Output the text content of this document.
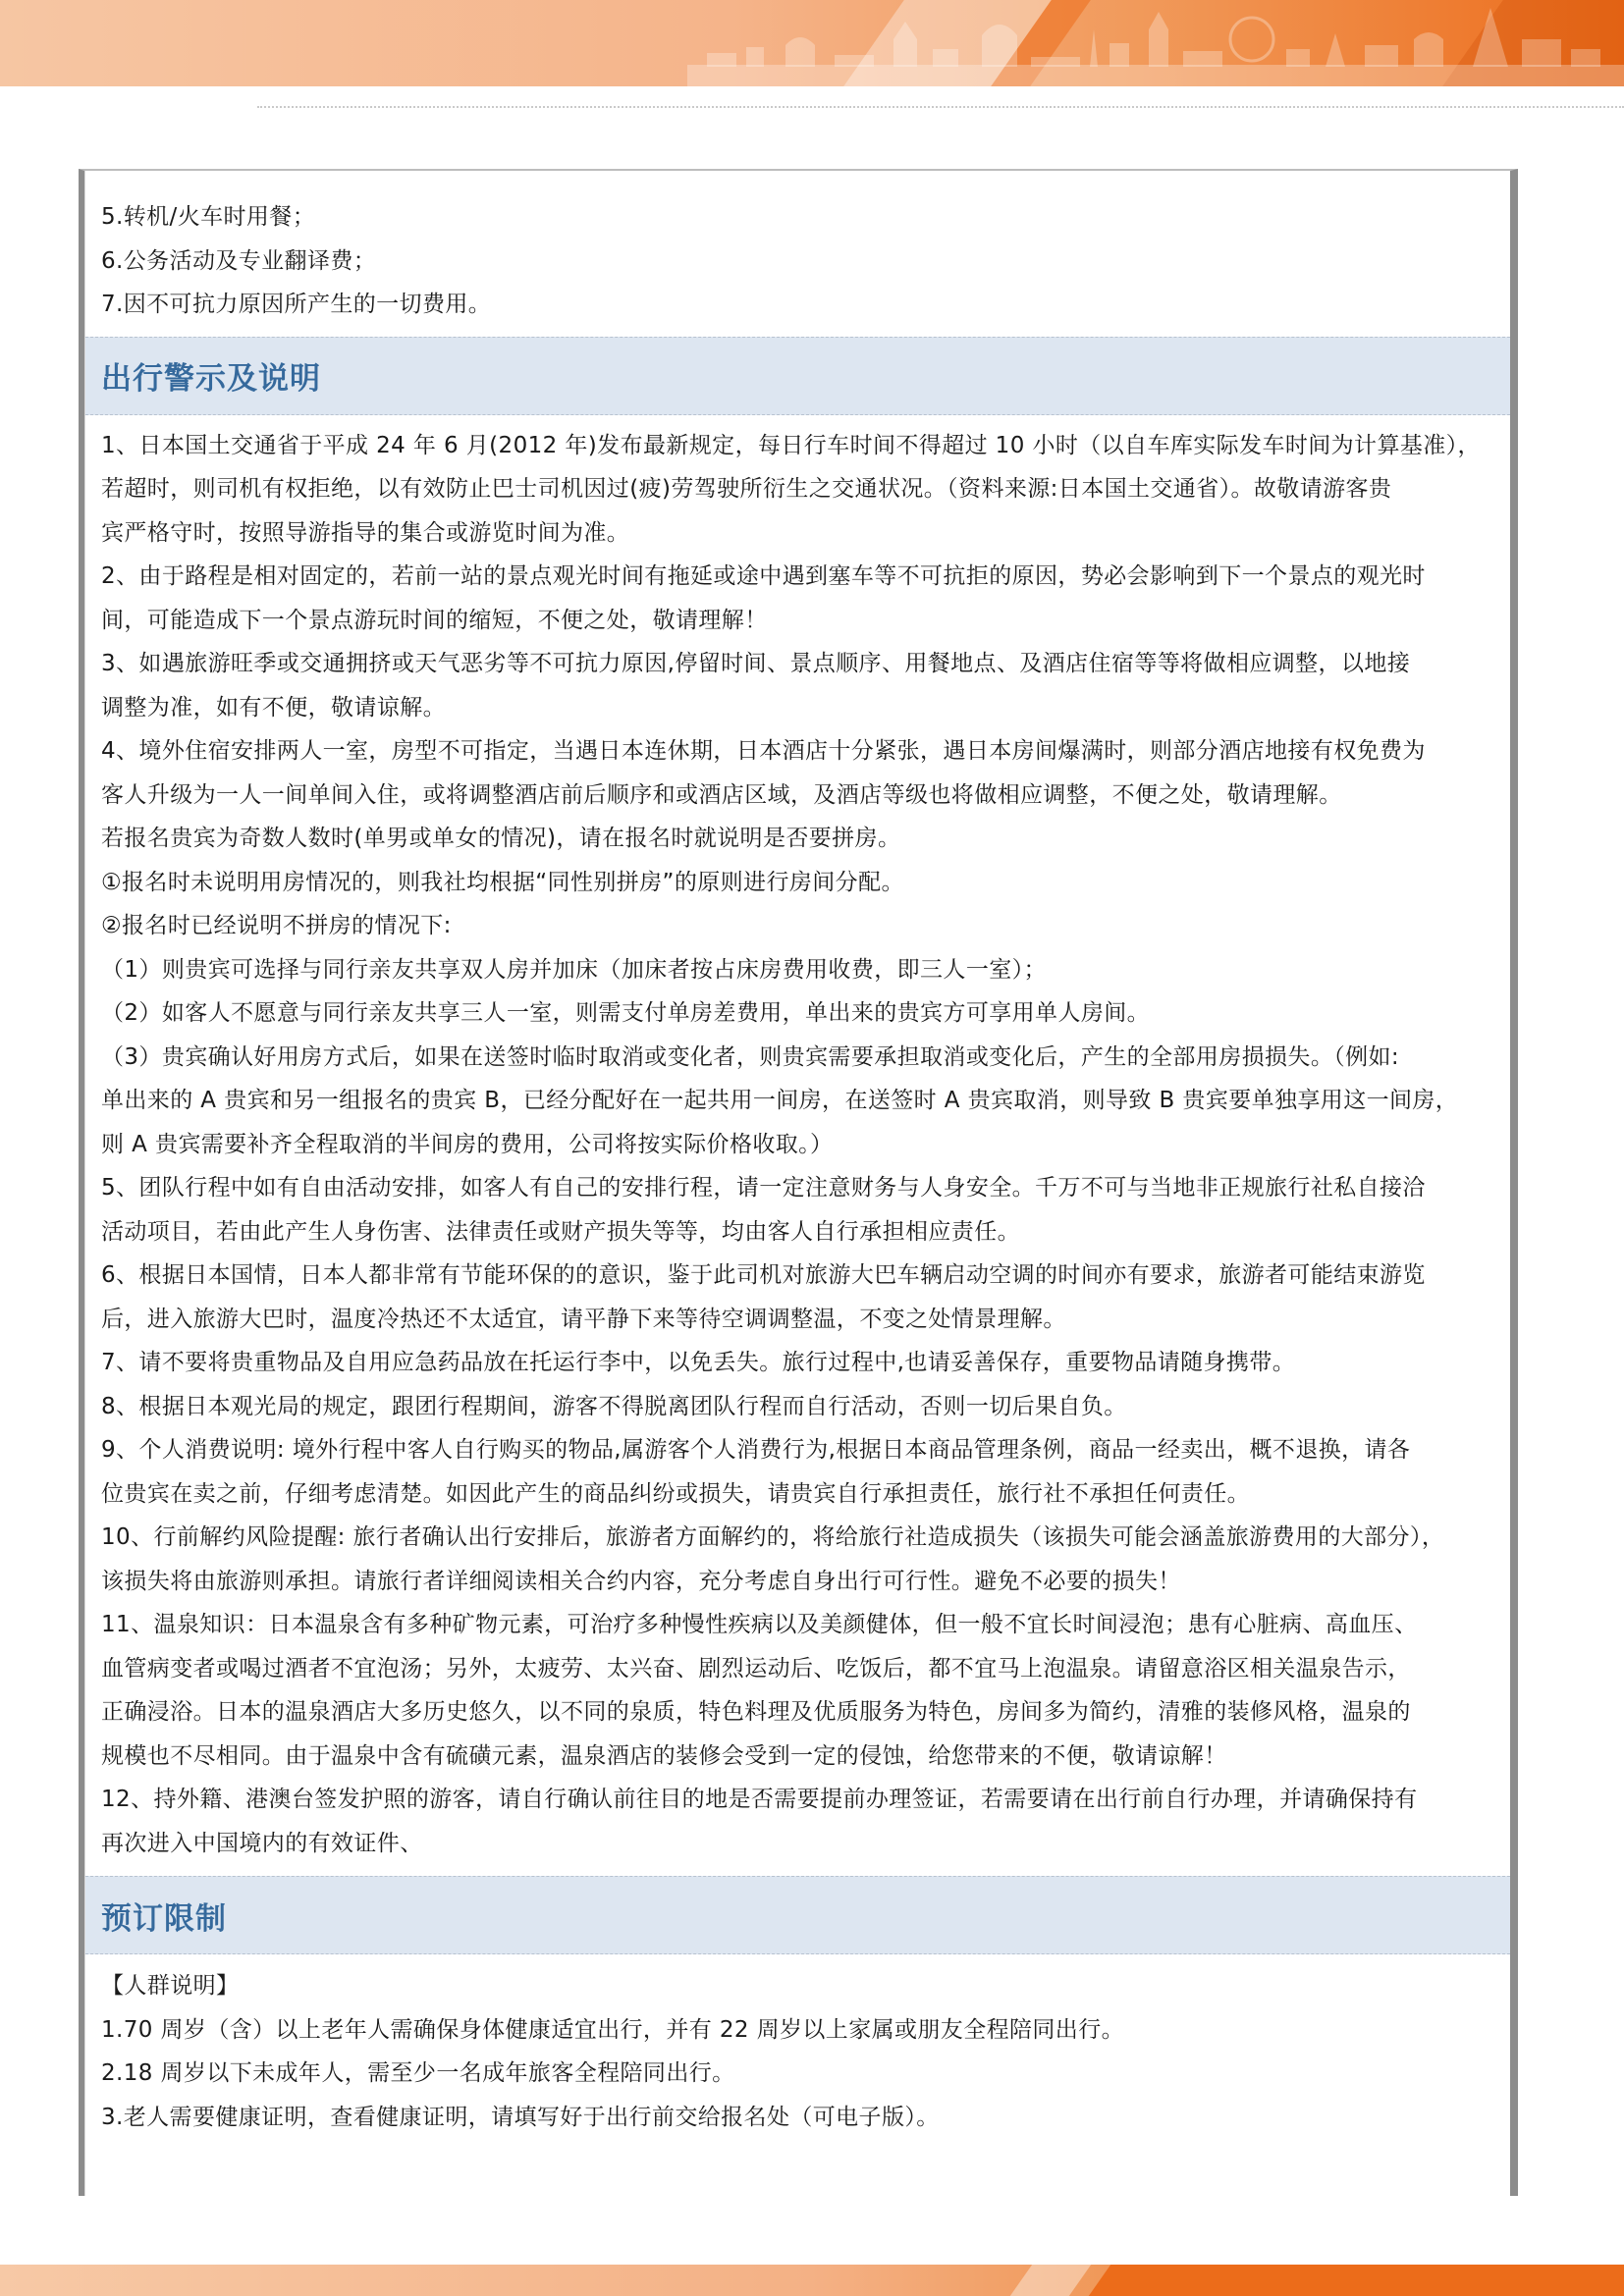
5.转机/火车时用餐；
6.公务活动及专业翻译费；
7.因不可抗力原因所产生的一切费用。
出行警示及说明
1、日本国土交通省于平成 24 年 6 月(2012 年)发布最新规定，每日行车时间不得超过 10 小时（以自车库实际发车时间为计算基准），
若超时，则司机有权拒绝，以有效防止巴士司机因过(疲)劳驾驶所衍生之交通状况。（资料来源:日本国土交通省）。故敬请游客贵
宾严格守时，按照导游指导的集合或游览时间为准。
2、由于路程是相对固定的，若前一站的景点观光时间有拖延或途中遇到塞车等不可抗拒的原因，势必会影响到下一个景点的观光时
间，可能造成下一个景点游玩时间的缩短，不便之处，敬请理解！
3、如遇旅游旺季或交通拥挤或天气恶劣等不可抗力原因,停留时间、景点顺序、用餐地点、及酒店住宿等等将做相应调整，以地接
调整为准，如有不便，敬请谅解。
4、境外住宿安排两人一室，房型不可指定，当遇日本连休期，日本酒店十分紧张，遇日本房间爆满时，则部分酒店地接有权免费为
客人升级为一人一间单间入住，或将调整酒店前后顺序和或酒店区域，及酒店等级也将做相应调整，不便之处，敬请理解。
若报名贵宾为奇数人数时(单男或单女的情况)，请在报名时就说明是否要拼房。
①报名时未说明用房情况的，则我社均根据“同性别拼房”的原则进行房间分配。
②报名时已经说明不拼房的情况下:
（1）则贵宾可选择与同行亲友共享双人房并加床（加床者按占床房费用收费，即三人一室）；
（2）如客人不愿意与同行亲友共享三人一室，则需支付单房差费用，单出来的贵宾方可享用单人房间。
（3）贵宾确认好用房方式后，如果在送签时临时取消或变化者，则贵宾需要承担取消或变化后，产生的全部用房损损失。（例如:
单出来的 A 贵宾和另一组报名的贵宾 B，已经分配好在一起共用一间房，在送签时 A 贵宾取消，则导致 B 贵宾要单独享用这一间房，
则 A 贵宾需要补齐全程取消的半间房的费用，公司将按实际价格收取。）
5、团队行程中如有自由活动安排，如客人有自己的安排行程，请一定注意财务与人身安全。千万不可与当地非正规旅行社私自接洽
活动项目，若由此产生人身伤害、法律责任或财产损失等等，均由客人自行承担相应责任。
6、根据日本国情，日本人都非常有节能环保的的意识，鉴于此司机对旅游大巴车辆启动空调的时间亦有要求，旅游者可能结束游览
后，进入旅游大巴时，温度冷热还不太适宜，请平静下来等待空调调整温，不变之处情景理解。
7、请不要将贵重物品及自用应急药品放在托运行李中，以免丢失。旅行过程中,也请妥善保存，重要物品请随身携带。
8、根据日本观光局的规定，跟团行程期间，游客不得脱离团队行程而自行活动，否则一切后果自负。
9、个人消费说明: 境外行程中客人自行购买的物品,属游客个人消费行为,根据日本商品管理条例，商品一经卖出，概不退换，请各
位贵宾在卖之前，仔细考虑清楚。如因此产生的商品纠纷或损失，请贵宾自行承担责任，旅行社不承担任何责任。
10、行前解约风险提醒: 旅行者确认出行安排后，旅游者方面解约的，将给旅行社造成损失（该损失可能会涵盖旅游费用的大部分），
该损失将由旅游则承担。请旅行者详细阅读相关合约内容，充分考虑自身出行可行性。避免不必要的损失！
11、温泉知识：日本温泉含有多种矿物元素，可治疗多种慢性疾病以及美颜健体，但一般不宜长时间浸泡；患有心脏病、高血压、
血管病变者或喝过酒者不宜泡汤；另外，太疲劳、太兴奋、剧烈运动后、吃饭后，都不宜马上泡温泉。请留意浴区相关温泉告示，
正确浸浴。日本的温泉酒店大多历史悠久，以不同的泉质，特色料理及优质服务为特色，房间多为简约，清雅的装修风格，温泉的
规模也不尽相同。由于温泉中含有硫磺元素，温泉酒店的装修会受到一定的侵蚀，给您带来的不便，敬请谅解！
12、持外籍、港澳台签发护照的游客，请自行确认前往目的地是否需要提前办理签证，若需要请在出行前自行办理，并请确保持有
再次进入中国境内的有效证件、
预订限制
【人群说明】
1.70 周岁（含）以上老年人需确保身体健康适宜出行，并有 22 周岁以上家属或朋友全程陪同出行。
2.18 周岁以下未成年人，需至少一名成年旅客全程陪同出行。
3.老人需要健康证明，查看健康证明，请填写好于出行前交给报名处（可电子版）。
